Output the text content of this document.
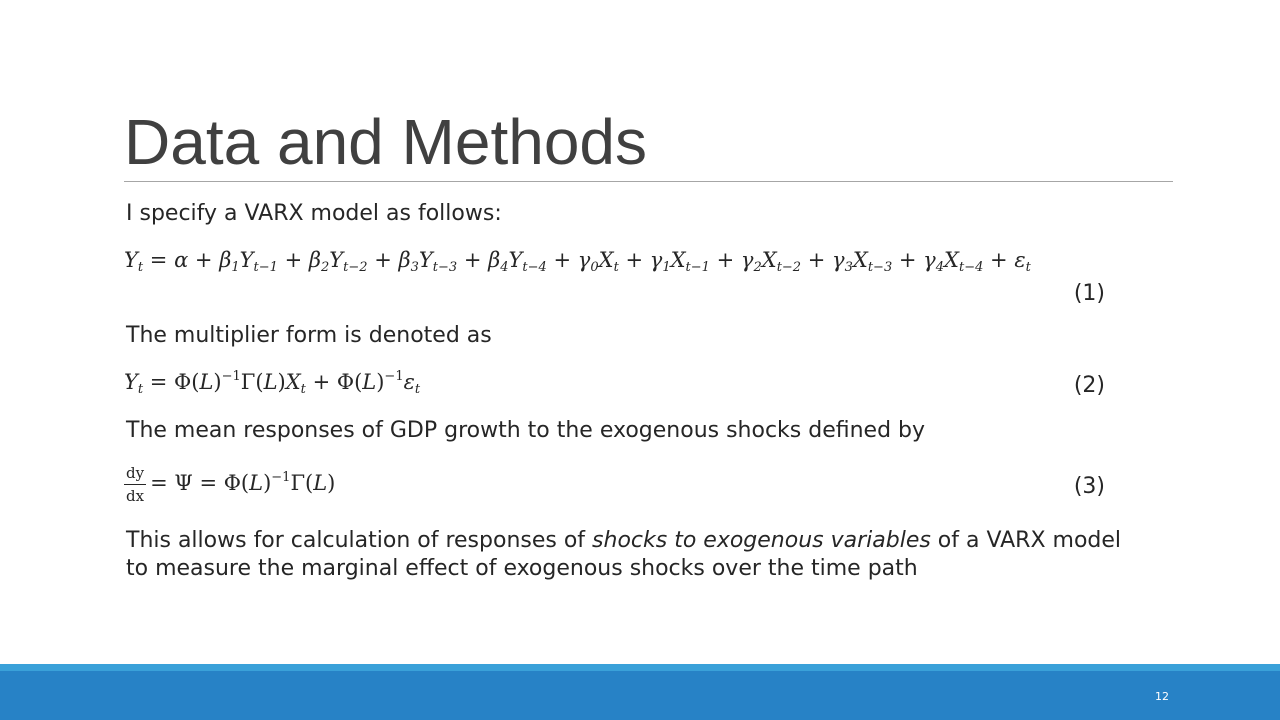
Data and Methods
I specify a VARX model as follows:
$Y_t = \alpha + \beta_1Y_{t-1} + \beta_2Y_{t-2} + \beta_3Y_{t-3} + \beta_4Y_{t-4} + \gamma_0X_t + \gamma_1X_{t-1} + \gamma_2X_{t-2} + \gamma_3X_{t-3} + \gamma_4X_{t-4} + \varepsilon_t$
(1)
The multiplier form is denoted as
$Y_t = \Phi(L)^{-1}\Gamma(L)X_t + \Phi(L)^{-1}\varepsilon_t$	(2)
The mean responses of GDP growth to the exogenous shocks defined by
$\frac{dy}{dx} = \Psi = \Phi(L)^{-1}\Gamma(L)$	(3)
This allows for calculation of responses of shocks to exogenous variables of a VARX model to measure the marginal effect of exogenous shocks over the time path
12
